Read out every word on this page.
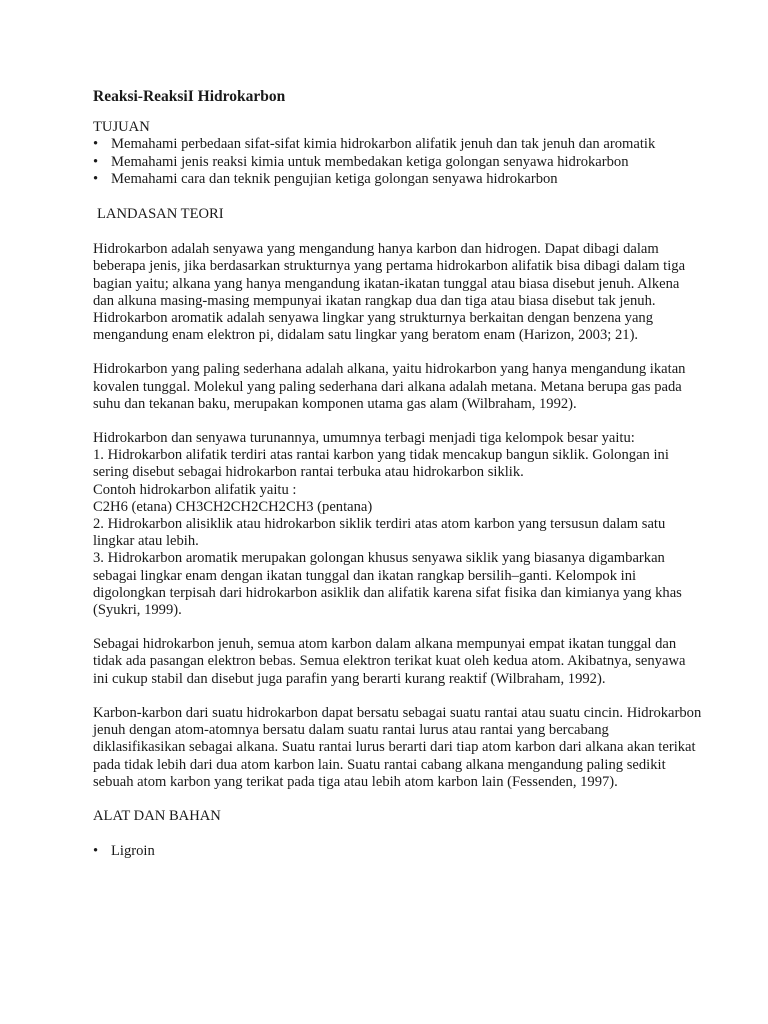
Reaksi-ReaksiI Hidrokarbon
TUJUAN
• Memahami perbedaan sifat-sifat kimia hidrokarbon alifatik jenuh dan tak jenuh dan aromatik
• Memahami jenis reaksi kimia untuk membedakan ketiga golongan senyawa hidrokarbon
• Memahami cara dan teknik pengujian ketiga golongan senyawa hidrokarbon
LANDASAN TEORI

Hidrokarbon adalah senyawa yang mengandung hanya karbon dan hidrogen. Dapat dibagi dalam beberapa jenis, jika berdasarkan strukturnya yang pertama hidrokarbon alifatik bisa dibagi dalam tiga bagian yaitu; alkana yang hanya mengandung ikatan-ikatan tunggal atau biasa disebut jenuh. Alkena dan alkuna masing-masing mempunyai ikatan rangkap dua dan tiga atau biasa disebut tak jenuh. Hidrokarbon aromatik adalah senyawa lingkar yang strukturnya berkaitan dengan benzena yang mengandung enam elektron pi, didalam satu lingkar yang beratom enam (Harizon, 2003; 21).

Hidrokarbon yang paling sederhana adalah alkana, yaitu hidrokarbon yang hanya mengandung ikatan kovalen tunggal. Molekul yang paling sederhana dari alkana adalah metana. Metana berupa gas pada suhu dan tekanan baku, merupakan komponen utama gas alam (Wilbraham, 1992).

Hidrokarbon dan senyawa turunannya, umumnya terbagi menjadi tiga kelompok besar yaitu:
1. Hidrokarbon alifatik terdiri atas rantai karbon yang tidak mencakup bangun siklik. Golongan ini sering disebut sebagai hidrokarbon rantai terbuka atau hidrokarbon siklik.
Contoh hidrokarbon alifatik yaitu :
C2H6 (etana) CH3CH2CH2CH2CH3 (pentana)
2. Hidrokarbon alisiklik atau hidrokarbon siklik terdiri atas atom karbon yang tersusun dalam satu lingkar atau lebih.
3. Hidrokarbon aromatik merupakan golongan khusus senyawa siklik yang biasanya digambarkan sebagai lingkar enam dengan ikatan tunggal dan ikatan rangkap bersilih–ganti. Kelompok ini digolongkan terpisah dari hidrokarbon asiklik dan alifatik karena sifat fisika dan kimianya yang khas (Syukri, 1999).

Sebagai hidrokarbon jenuh, semua atom karbon dalam alkana mempunyai empat ikatan tunggal dan tidak ada pasangan elektron bebas. Semua elektron terikat kuat oleh kedua atom. Akibatnya, senyawa ini cukup stabil dan disebut juga parafin yang berarti kurang reaktif (Wilbraham, 1992).

Karbon-karbon dari suatu hidrokarbon dapat bersatu sebagai suatu rantai atau suatu cincin. Hidrokarbon jenuh dengan atom-atomnya bersatu dalam suatu rantai lurus atau rantai yang bercabang diklasifikasikan sebagai alkana. Suatu rantai lurus berarti dari tiap atom karbon dari alkana akan terikat pada tidak lebih dari dua atom karbon lain. Suatu rantai cabang alkana mengandung paling sedikit sebuah atom karbon yang terikat pada tiga atau lebih atom karbon lain (Fessenden, 1997).

ALAT DAN BAHAN
• Ligroin
